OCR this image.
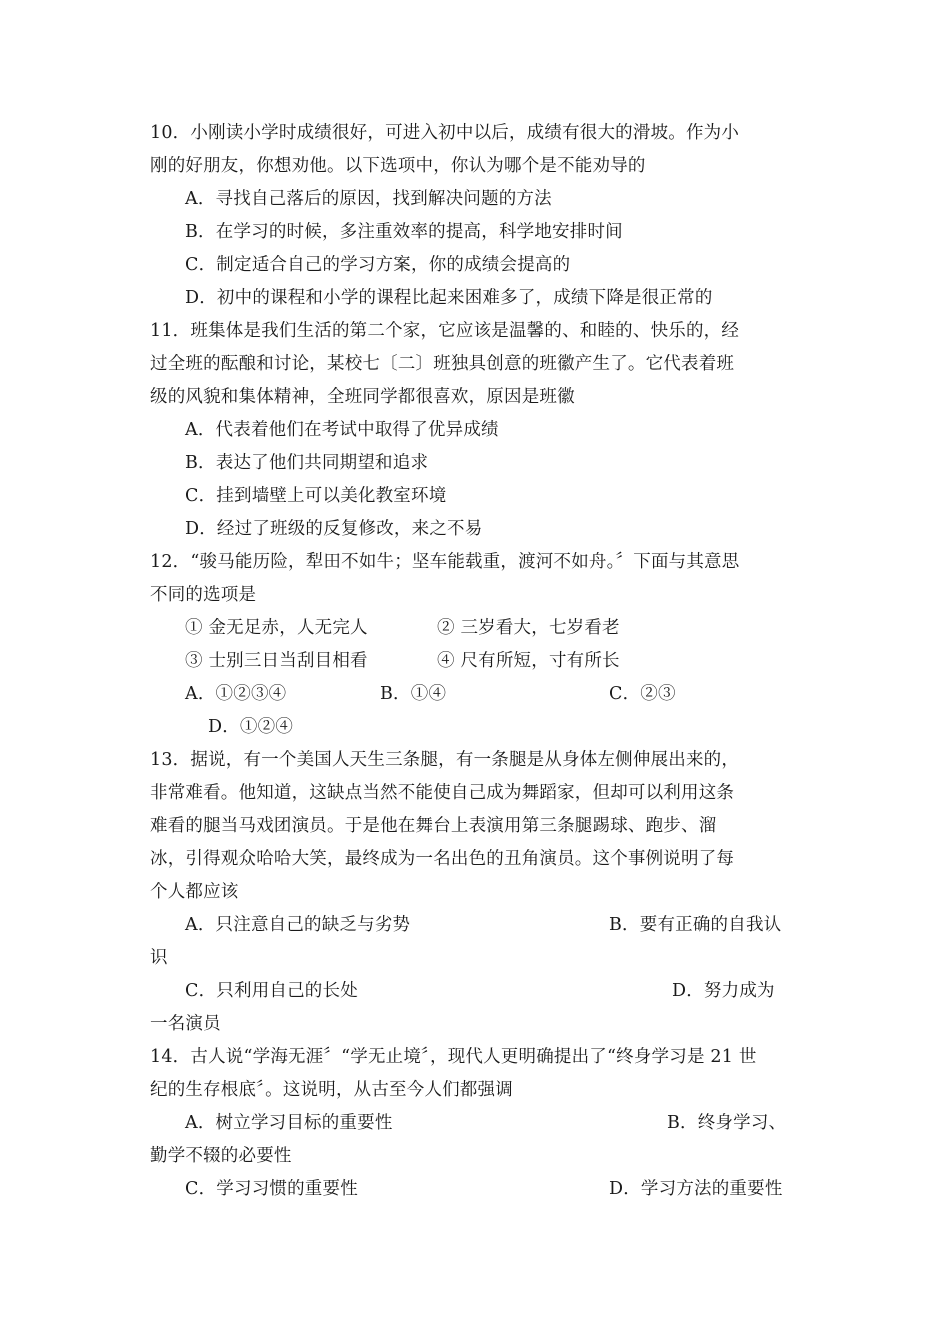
10．小刚读小学时成绩很好，可进入初中以后，成绩有很大的滑坡。作为小
刚的好朋友，你想劝他。以下选项中，你认为哪个是不能劝导的
A．寻找自己落后的原因，找到解决问题的方法
B．在学习的时候，多注重效率的提高，科学地安排时间
C．制定适合自己的学习方案，你的成绩会提高的
D．初中的课程和小学的课程比起来困难多了，成绩下降是很正常的
11．班集体是我们生活的第二个家，它应该是温馨的、和睦的、快乐的，经
过全班的酝酿和讨论，某校七〔二〕班独具创意的班徽产生了。它代表着班
级的风貌和集体精神，全班同学都很喜欢，原因是班徽
A．代表着他们在考试中取得了优异成绩
B．表达了他们共同期望和追求
C．挂到墙壁上可以美化教室环境
D．经过了班级的反复修改，来之不易
12．“骏马能历险，犁田不如牛；坚车能载重，渡河不如舟。〞下面与其意思
不同的选项是
① 金无足赤，人无完人	② 三岁看大，七岁看老
③ 士别三日当刮目相看	④ 尺有所短，寸有所长
A．①②③④	B．①④	C．②③
D．①②④
13．据说，有一个美国人天生三条腿，有一条腿是从身体左侧伸展出来的，
非常难看。他知道，这缺点当然不能使自己成为舞蹈家，但却可以利用这条
难看的腿当马戏团演员。于是他在舞台上表演用第三条腿踢球、跑步、溜
冰，引得观众哈哈大笑，最终成为一名出色的丑角演员。这个事例说明了每
个人都应该
A．只注意自己的缺乏与劣势	B．要有正确的自我认
识
C．只利用自己的长处	D．努力成为
一名演员
14．古人说“学海无涯〞“学无止境〞，现代人更明确提出了“终身学习是 21 世
纪的生存根底〞。这说明，从古至今人们都强调
A．树立学习目标的重要性	B．终身学习、
勤学不辍的必要性
C．学习习惯的重要性	D．学习方法的重要性
